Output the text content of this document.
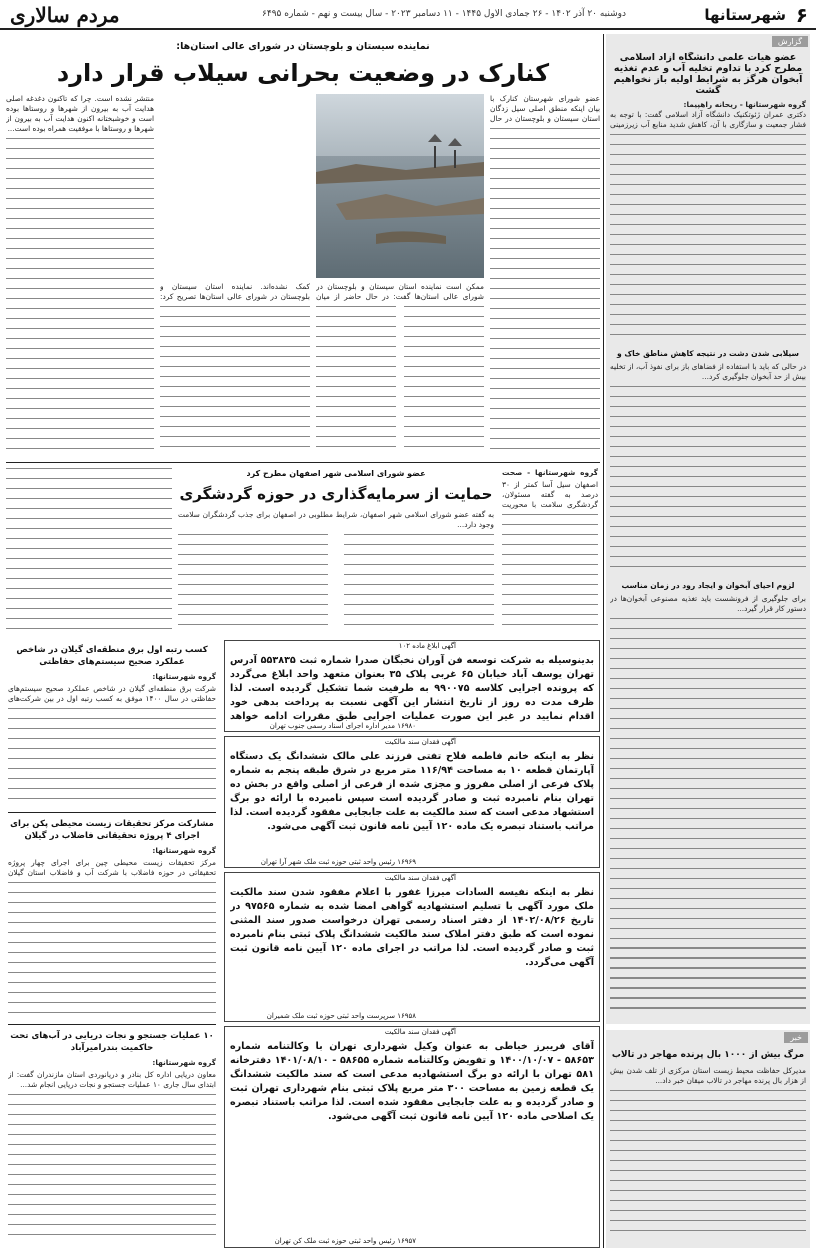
۶
شهرستانها
دوشنبه ۲۰ آذر ۱۴۰۲ - ۲۶ جمادی الاول ۱۴۴۵ - ۱۱ دسامبر ۲۰۲۳ - سال بیست و نهم - شماره ۶۴۹۵
مردم سالاری
گزارش
عضو هیات علمی دانشگاه آزاد اسلامی مطرح کرد با تداوم تخلیه آب و عدم تغذیه آبخوان هرگز به شرایط اولیه باز نخواهیم گشت
گروه شهرستانها - ریحانه راهپیما:
دکتری عمران ژئوتکنیک دانشگاه آزاد اسلامی گفت: با توجه به فشار جمعیت و سازگاری با آن، کاهش شدید منابع آب زیرزمینی
سیلابی شدن دشت در نتیجه کاهش مناطق خاک و
در حالی که باید با استفاده از فضاهای باز برای نفوذ آب، از تخلیه بیش از حد آبخوان جلوگیری کرد...
لزوم احیای آبخوان و ایجاد رود در زمان مناسب
برای جلوگیری از فرونشست باید تغذیه مصنوعی آبخوان‌ها در دستور کار قرار گیرد...
خبر
مرگ بیش از ۱۰۰۰ بال پرنده مهاجر در تالاب
مدیرکل حفاظت محیط زیست استان مرکزی از تلف شدن بیش از هزار بال پرنده مهاجر در تالاب میقان خبر داد...
نماینده سیستان و بلوچستان در شورای عالی استان‌ها:
کنارک در وضعیت بحرانی سیلاب قرار دارد
عضو شورای شهرستان کنارک با بیان اینکه منطق اصلی سیل زدگان استان سیستان و بلوچستان در حال
ممکن است نماینده استان سیستان و بلوچستان در شورای عالی استان‌ها گفت: در حال حاضر از میان
کمک نشده‌اند. نماینده استان سیستان و بلوچستان در شورای عالی استان‌ها تصریح کرد:
منتشر نشده است. چرا که تاکنون دغدغه اصلی هدایت آب به بیرون از شهرها و روستاها بوده است و خوشبختانه اکنون هدایت آب به بیرون از شهرها و روستاها با موفقیت همراه بوده است...
گروه شهرستانها - صحت
اصفهان سیل آسا کمتر از ۳۰ درصد به گفته مسئولان، گردشگری سلامت با محوریت
عضو شورای اسلامی شهر اصفهان مطرح کرد
حمایت از سرمایه‌گذاری در حوزه گردشگری
به گفته عضو شورای اسلامی شهر اصفهان، شرایط مطلوبی در اصفهان برای جذب گردشگران سلامت وجود دارد...
آگهی ابلاغ ماده ۱۰۲
بدینوسیله به شرکت توسعه فن آوران نخبگان صدرا شماره ثبت ۵۵۳۸۳۵ آدرس تهران یوسف آباد خیابان ۶۵ غربی پلاک ۳۵ بعنوان متعهد واحد ابلاغ می‌گردد که پرونده اجرایی کلاسه ۹۹۰۰۷۵ به طرفیت شما تشکیل گردیده است. لذا ظرف مدت ده روز از تاریخ انتشار این آگهی نسبت به پرداخت بدهی خود اقدام نمایید در غیر این صورت عملیات اجرایی طبق مقررات ادامه خواهد
۱۶۹۸۰ مدیر اداره اجرای اسناد رسمی جنوب تهران
آگهی فقدان سند مالکیت
نظر به اینکه خانم فاطمه فلاح تفتی فرزند علی مالک ششدانگ یک دستگاه آپارتمان قطعه ۱۰ به مساحت ۱۱۶/۹۴ متر مربع در شرق طبقه پنجم به شماره پلاک فرعی از اصلی مفروز و مجزی شده از فرعی از اصلی واقع در بخش ده تهران بنام نامبرده ثبت و صادر گردیده است سپس نامبرده با ارائه دو برگ استشهاد مدعی است که سند مالکیت به علت جابجایی مفقود گردیده است. لذا مراتب باستناد تبصره یک ماده ۱۲۰ آیین نامه قانون ثبت آگهی می‌شود.
۱۶۹۶۹ رئیس واحد ثبتی حوزه ثبت ملک شهر آرا تهران
آگهی فقدان سند مالکیت
نظر به اینکه نفیسه السادات میرزا غفور با اعلام مفقود شدن سند مالکیت ملک مورد آگهی با تسلیم استشهادیه گواهی امضا شده به شماره ۹۷۵۶۵ در تاریخ ۱۴۰۲/۰۸/۲۶ از دفتر اسناد رسمی تهران درخواست صدور سند المثنی نموده است که طبق دفتر املاک سند مالکیت ششدانگ پلاک ثبتی بنام نامبرده ثبت و صادر گردیده است. لذا مراتب در اجرای ماده ۱۲۰ آیین نامه قانون ثبت آگهی می‌گردد.
۱۶۹۵۸ سرپرست واحد ثبتی حوزه ثبت ملک شمیران
آگهی فقدان سند مالکیت
آقای فریبرز خیاطی به عنوان وکیل شهرداری تهران با وکالتنامه شماره ۵۸۶۵۳ - ۱۴۰۰/۱۰/۰۷ و تفویض وکالتنامه شماره ۵۸۶۵۵ - ۱۴۰۱/۰۸/۱۰ دفترخانه ۵۸۱ تهران با ارائه دو برگ استشهادیه مدعی است که سند مالکیت ششدانگ یک قطعه زمین به مساحت ۳۰۰ متر مربع پلاک ثبتی بنام شهرداری تهران ثبت و صادر گردیده و به علت جابجایی مفقود شده است. لذا مراتب باستناد تبصره یک اصلاحی ماده ۱۲۰ آیین نامه قانون ثبت آگهی می‌شود.
۱۶۹۵۷ رئیس واحد ثبتی حوزه ثبت ملک کن تهران
کسب رتبه اول برق منطقه‌ای گیلان در شاخص عملکرد صحیح سیستم‌های حفاظتی
گروه شهرستانها:
شرکت برق منطقه‌ای گیلان در شاخص عملکرد صحیح سیستم‌های حفاظتی در سال ۱۴۰۰ موفق به کسب رتبه اول در بین شرکت‌های
مشارکت مرکز تحقیقات زیست محیطی پکن برای اجرای ۴ پروژه تحقیقاتی فاضلاب در گیلان
گروه شهرستانها:
مرکز تحقیقات زیست محیطی چین برای اجرای چهار پروژه تحقیقاتی در حوزه فاضلاب با شرکت آب و فاضلاب استان گیلان
۱۰ عملیات جستجو و نجات دریایی در آب‌های تحت حاکمیت بندرامیرآباد
گروه شهرستانها:
معاون دریایی اداره کل بنادر و دریانوردی استان مازندران گفت: از ابتدای سال جاری ۱۰ عملیات جستجو و نجات دریایی انجام شد...
